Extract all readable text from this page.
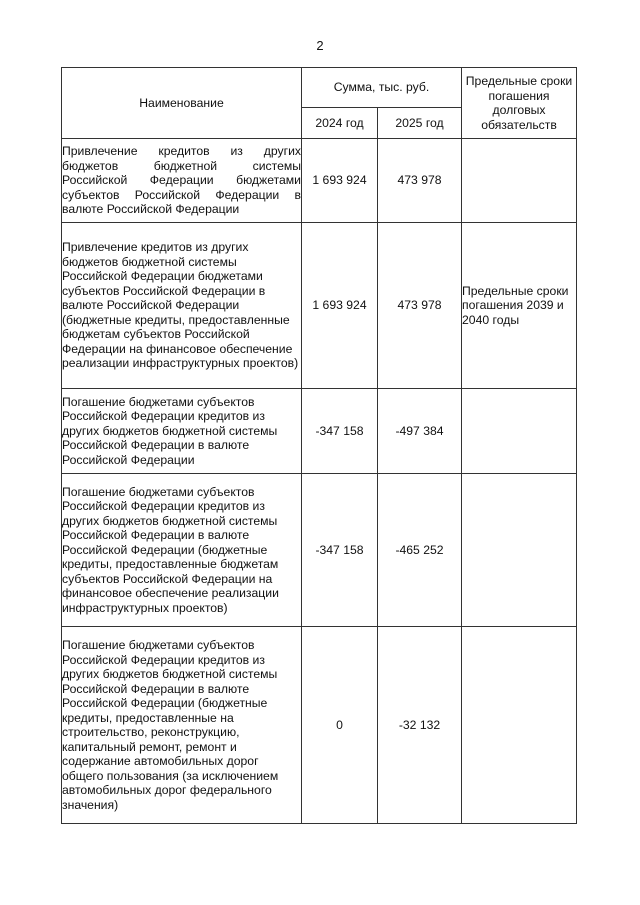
2
Наименование	Сумма, тыс. руб.		Предельные сроки погашения долговых обязательств
	2024 год	2025 год	
Привлечение кредитов из других бюджетов бюджетной системы Российской Федерации бюджетами субъектов Российской Федерации в валюте Российской Федерации	1 693 924	473 978	
Привлечение кредитов из других бюджетов бюджетной системы Российской Федерации бюджетами субъектов Российской Федерации в валюте Российской Федерации (бюджетные кредиты, предоставленные бюджетам субъектов Российской Федерации на финансовое обеспечение реализации инфраструктурных проектов)	1 693 924	473 978	Предельные сроки погашения 2039 и 2040 годы
Погашение бюджетами субъектов Российской Федерации кредитов из других бюджетов бюджетной системы Российской Федерации в валюте Российской Федерации	-347 158	-497 384	
Погашение бюджетами субъектов Российской Федерации кредитов из других бюджетов бюджетной системы Российской Федерации в валюте Российской Федерации (бюджетные кредиты, предоставленные бюджетам субъектов Российской Федерации на финансовое обеспечение реализации инфраструктурных проектов)	-347 158	-465 252	
Погашение бюджетами субъектов Российской Федерации кредитов из других бюджетов бюджетной системы Российской Федерации в валюте Российской Федерации (бюджетные кредиты, предоставленные на строительство, реконструкцию, капитальный ремонт, ремонт и содержание автомобильных дорог общего пользования (за исключением автомобильных дорог федерального значения)	0	-32 132	
